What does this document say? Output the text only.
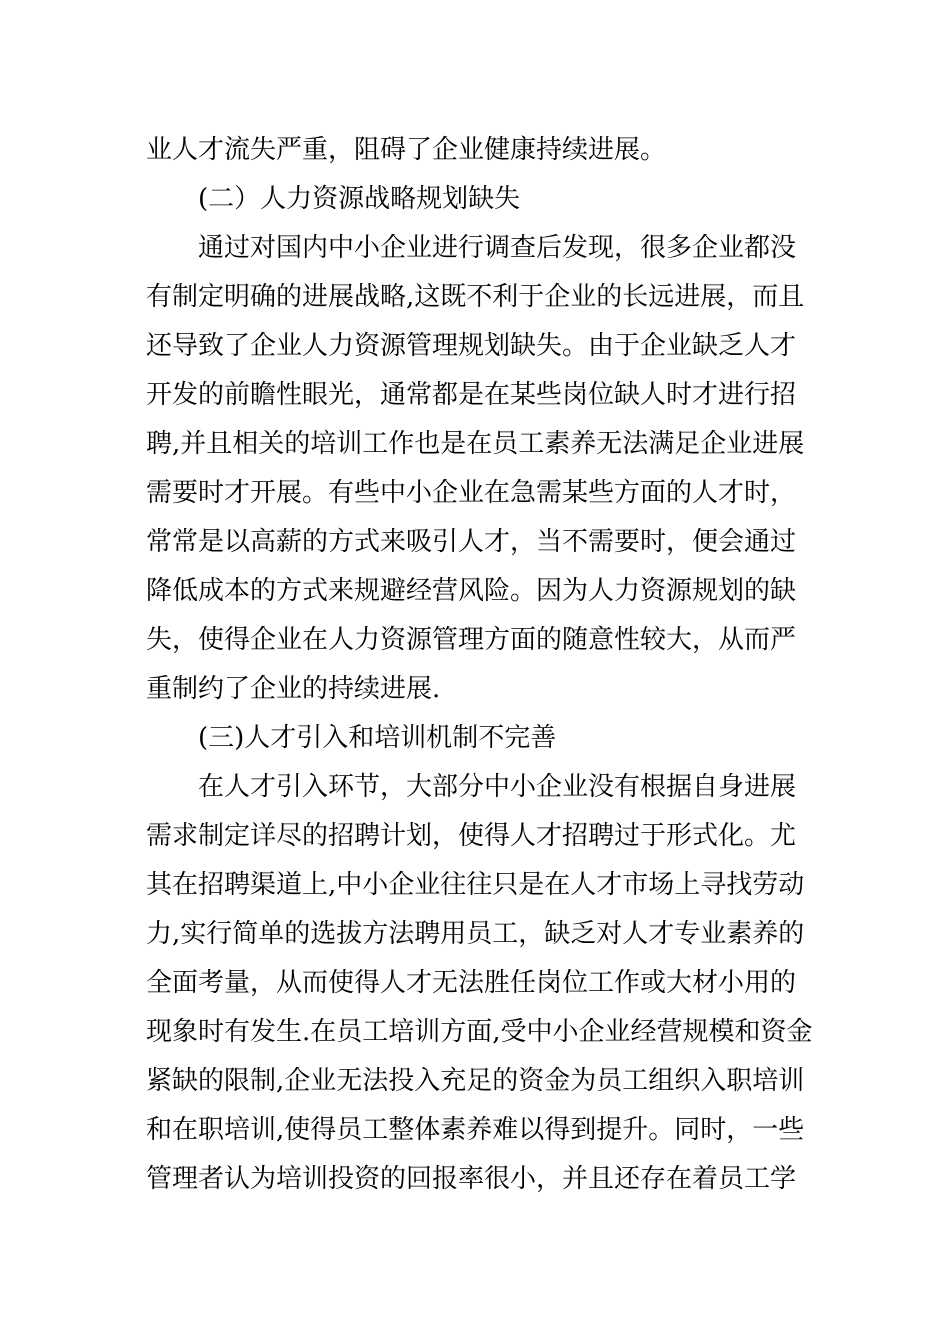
业人才流失严重，阻碍了企业健康持续进展。
(二）人力资源战略规划缺失
通过对国内中小企业进行调查后发现，很多企业都没
有制定明确的进展战略,这既不利于企业的长远进展，而且
还导致了企业人力资源管理规划缺失。由于企业缺乏人才
开发的前瞻性眼光，通常都是在某些岗位缺人时才进行招
聘,并且相关的培训工作也是在员工素养无法满足企业进展
需要时才开展。有些中小企业在急需某些方面的人才时，
常常是以高薪的方式来吸引人才，当不需要时，便会通过
降低成本的方式来规避经营风险。因为人力资源规划的缺
失，使得企业在人力资源管理方面的随意性较大，从而严
重制约了企业的持续进展.
(三)人才引入和培训机制不完善
在人才引入环节，大部分中小企业没有根据自身进展
需求制定详尽的招聘计划，使得人才招聘过于形式化。尤
其在招聘渠道上,中小企业往往只是在人才市场上寻找劳动
力,实行简单的选拔方法聘用员工，缺乏对人才专业素养的
全面考量，从而使得人才无法胜任岗位工作或大材小用的
现象时有发生.在员工培训方面,受中小企业经营规模和资金
紧缺的限制,企业无法投入充足的资金为员工组织入职培训
和在职培训,使得员工整体素养难以得到提升。同时，一些
管理者认为培训投资的回报率很小，并且还存在着员工学
